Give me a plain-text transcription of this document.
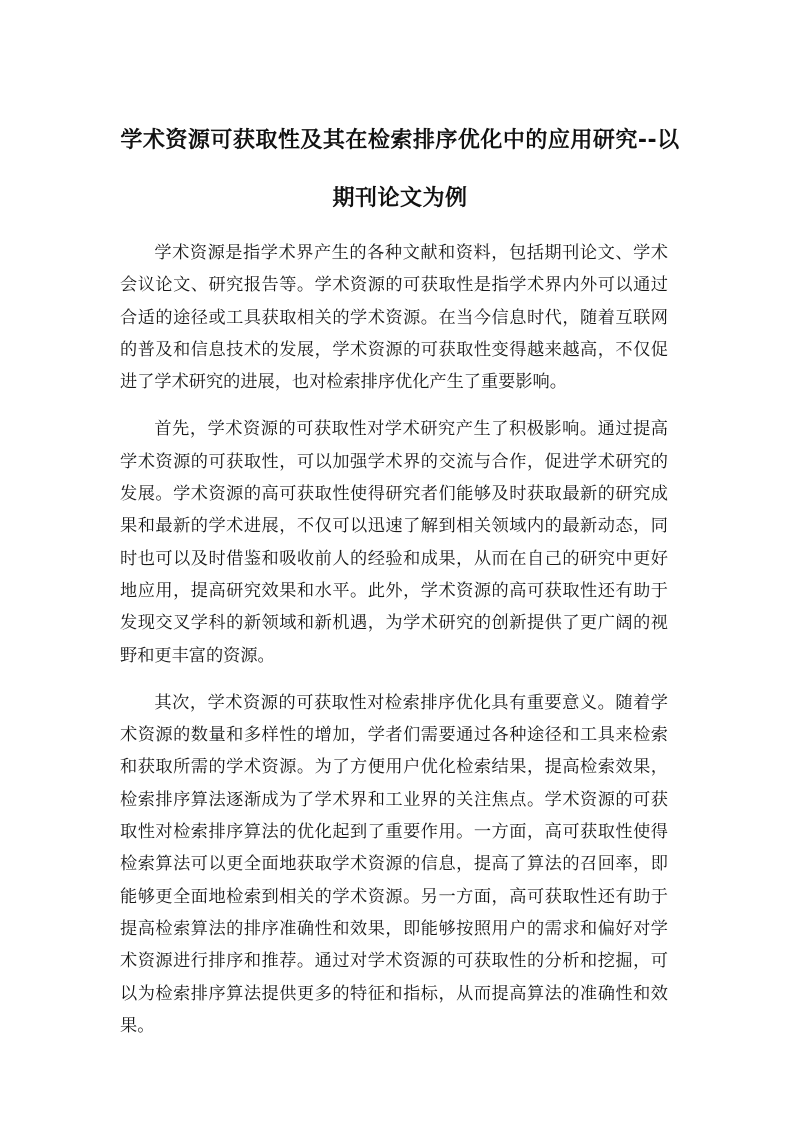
学术资源可获取性及其在检索排序优化中的应用研究--以期刊论文为例

学术资源是指学术界产生的各种文献和资料，包括期刊论文、学术会议论文、研究报告等。学术资源的可获取性是指学术界内外可以通过合适的途径或工具获取相关的学术资源。在当今信息时代，随着互联网的普及和信息技术的发展，学术资源的可获取性变得越来越高，不仅促进了学术研究的进展，也对检索排序优化产生了重要影响。

首先，学术资源的可获取性对学术研究产生了积极影响。通过提高学术资源的可获取性，可以加强学术界的交流与合作，促进学术研究的发展。学术资源的高可获取性使得研究者们能够及时获取最新的研究成果和最新的学术进展，不仅可以迅速了解到相关领域内的最新动态，同时也可以及时借鉴和吸收前人的经验和成果，从而在自己的研究中更好地应用，提高研究效果和水平。此外，学术资源的高可获取性还有助于发现交叉学科的新领域和新机遇，为学术研究的创新提供了更广阔的视野和更丰富的资源。

其次，学术资源的可获取性对检索排序优化具有重要意义。随着学术资源的数量和多样性的增加，学者们需要通过各种途径和工具来检索和获取所需的学术资源。为了方便用户优化检索结果，提高检索效果，检索排序算法逐渐成为了学术界和工业界的关注焦点。学术资源的可获取性对检索排序算法的优化起到了重要作用。一方面，高可获取性使得检索算法可以更全面地获取学术资源的信息，提高了算法的召回率，即能够更全面地检索到相关的学术资源。另一方面，高可获取性还有助于提高检索算法的排序准确性和效果，即能够按照用户的需求和偏好对学术资源进行排序和推荐。通过对学术资源的可获取性的分析和挖掘，可以为检索排序算法提供更多的特征和指标，从而提高算法的准确性和效果。
